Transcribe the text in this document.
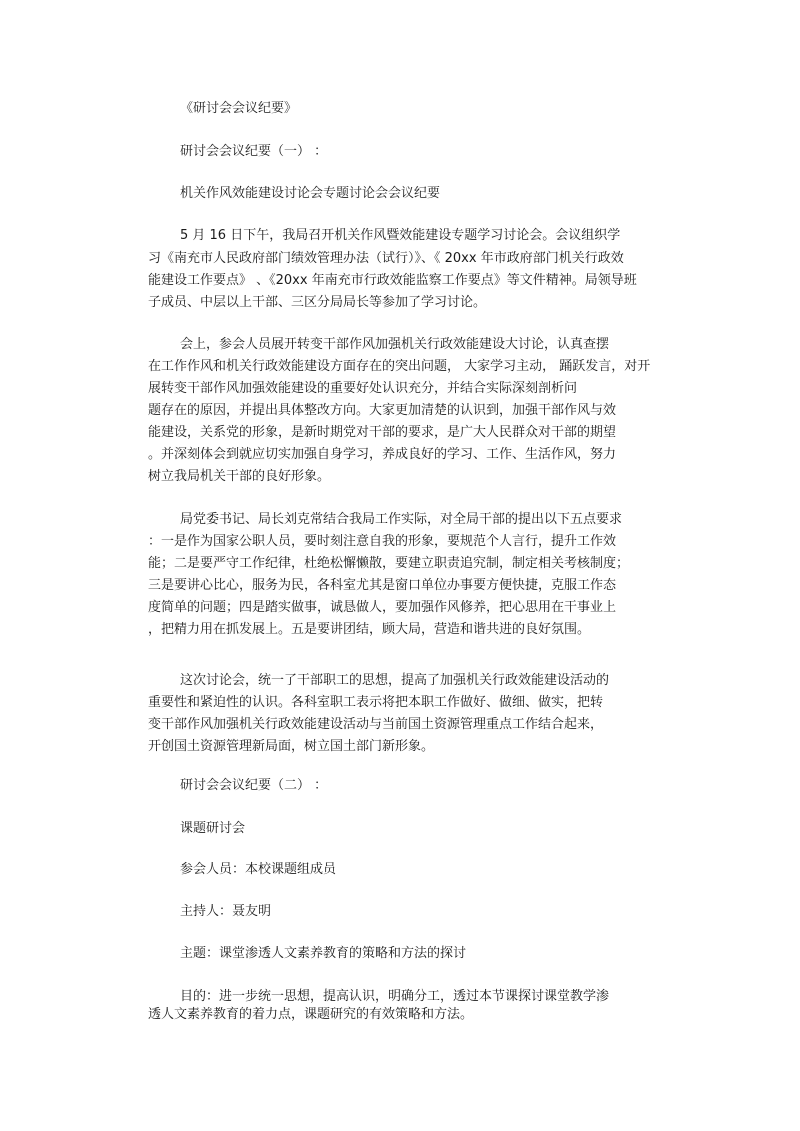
《研讨会会议纪要》
研讨会会议纪要（一） ：
机关作风效能建设讨论会专题讨论会会议纪要
5 月 16 日下午，我局召开机关作风暨效能建设专题学习讨论会。会议组织学
习《南充市人民政府部门绩效管理办法（试行）》、《 20xx 年市政府部门机关行政效
能建设工作要点》 、《20xx 年南充市行政效能监察工作要点》等文件精神。局领导班
子成员、中层以上干部、三区分局局长等参加了学习讨论。
会上，参会人员展开转变干部作风加强机关行政效能建设大讨论，认真查摆
在工作作风和机关行政效能建设方面存在的突出问题， 大家学习主动， 踊跃发言，对开
展转变干部作风加强效能建设的重要好处认识充分，并结合实际深刻剖析问
题存在的原因，并提出具体整改方向。大家更加清楚的认识到，加强干部作风与效
能建设，关系党的形象，是新时期党对干部的要求，是广大人民群众对干部的期望
。并深刻体会到就应切实加强自身学习，养成良好的学习、工作、生活作风，努力
树立我局机关干部的良好形象。
局党委书记、局长刘克常结合我局工作实际，对全局干部的提出以下五点要求
：一是作为国家公职人员，要时刻注意自我的形象，要规范个人言行，提升工作效
能；二是要严守工作纪律，杜绝松懈懒散，要建立职责追究制，制定相关考核制度；
三是要讲心比心，服务为民，各科室尤其是窗口单位办事要方便快捷，克服工作态
度简单的问题；四是踏实做事，诚恳做人，要加强作风修养，把心思用在干事业上
，把精力用在抓发展上。五是要讲团结，顾大局，营造和谐共进的良好氛围。
这次讨论会，统一了干部职工的思想，提高了加强机关行政效能建设活动的
重要性和紧迫性的认识。各科室职工表示将把本职工作做好、做细、做实，把转
变干部作风加强机关行政效能建设活动与当前国土资源管理重点工作结合起来，
开创国土资源管理新局面，树立国土部门新形象。
研讨会会议纪要（二） ：
课题研讨会
参会人员：本校课题组成员
主持人：聂友明
主题：课堂渗透人文素养教育的策略和方法的探讨
目的：进一步统一思想，提高认识，明确分工，透过本节课探讨课堂教学渗
透人文素养教育的着力点，课题研究的有效策略和方法。
